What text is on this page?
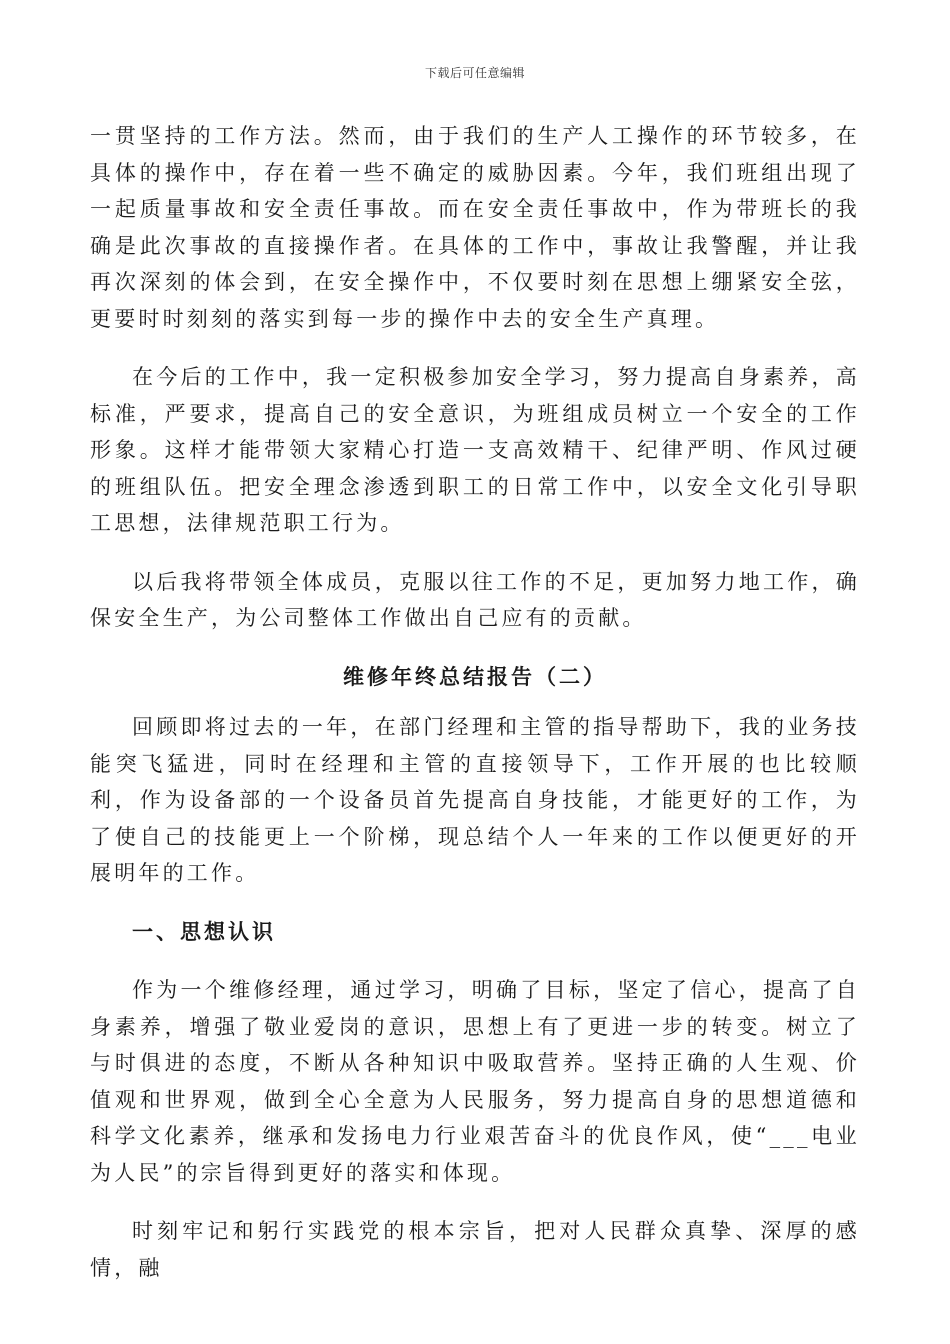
下载后可任意编辑

一贯坚持的工作方法。然而，由于我们的生产人工操作的环节较多，在具体的操作中，存在着一些不确定的威胁因素。今年，我们班组出现了一起质量事故和安全责任事故。而在安全责任事故中，作为带班长的我确是此次事故的直接操作者。在具体的工作中，事故让我警醒，并让我再次深刻的体会到，在安全操作中，不仅要时刻在思想上绷紧安全弦，更要时时刻刻的落实到每一步的操作中去的安全生产真理。

在今后的工作中，我一定积极参加安全学习，努力提高自身素养，高标准，严要求，提高自己的安全意识，为班组成员树立一个安全的工作形象。这样才能带领大家精心打造一支高效精干、纪律严明、作风过硬的班组队伍。把安全理念渗透到职工的日常工作中，以安全文化引导职工思想，法律规范职工行为。

以后我将带领全体成员，克服以往工作的不足，更加努力地工作，确保安全生产，为公司整体工作做出自己应有的贡献。

维修年终总结报告（二）

回顾即将过去的一年，在部门经理和主管的指导帮助下，我的业务技能突飞猛进，同时在经理和主管的直接领导下，工作开展的也比较顺利，作为设备部的一个设备员首先提高自身技能，才能更好的工作，为了使自己的技能更上一个阶梯，现总结个人一年来的工作以便更好的开展明年的工作。

一、思想认识

作为一个维修经理，通过学习，明确了目标，坚定了信心，提高了自身素养，增强了敬业爱岗的意识，思想上有了更进一步的转变。树立了与时俱进的态度，不断从各种知识中吸取营养。坚持正确的人生观、价值观和世界观，做到全心全意为人民服务，努力提高自身的思想道德和科学文化素养，继承和发扬电力行业艰苦奋斗的优良作风，使“___电业为人民”的宗旨得到更好的落实和体现。

时刻牢记和躬行实践党的根本宗旨，把对人民群众真挚、深厚的感情，融
